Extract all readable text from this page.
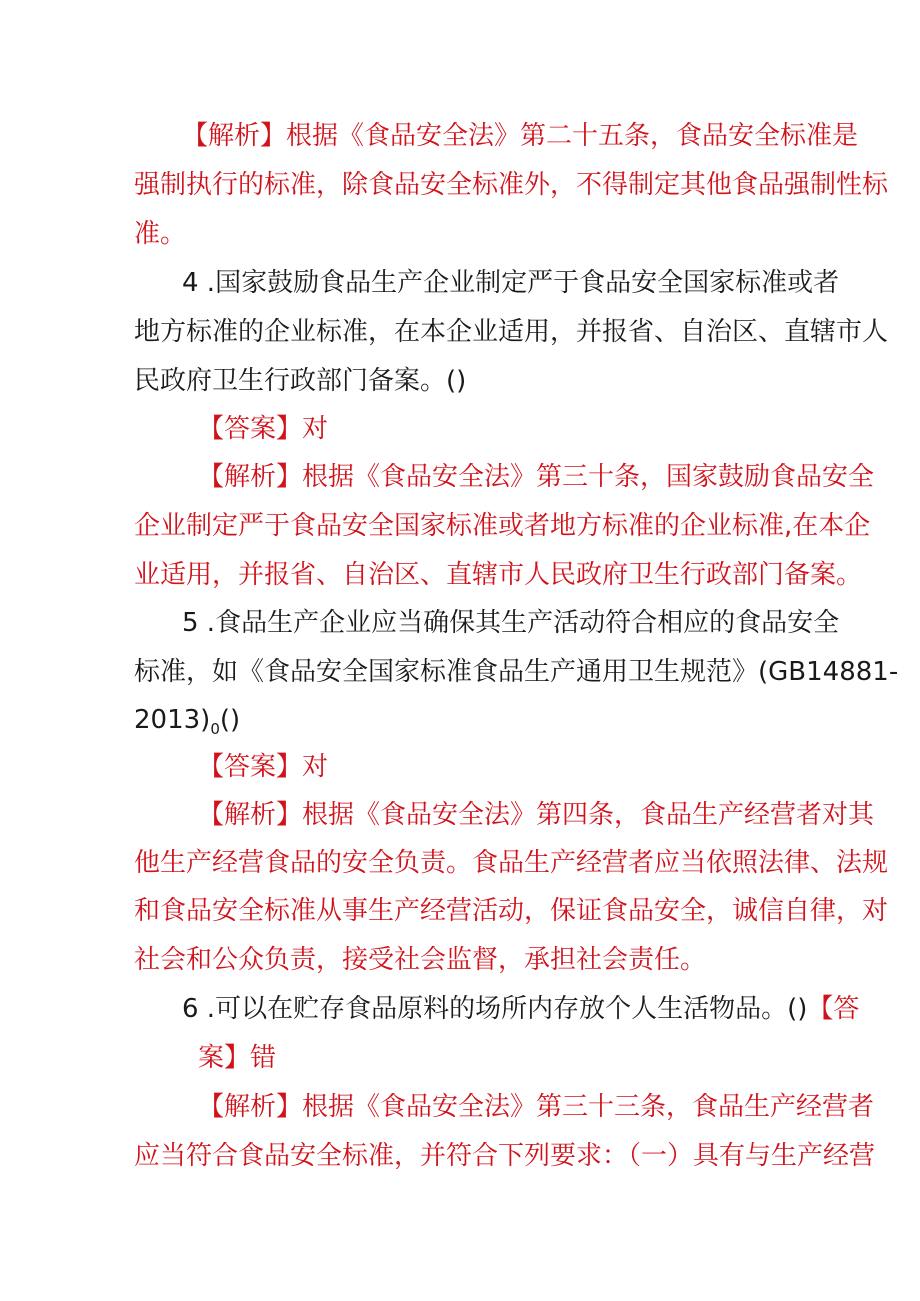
【解析】根据《食品安全法》第二十五条，食品安全标准是
强制执行的标准，除食品安全标准外，不得制定其他食品强制性标
准。
4 .国家鼓励食品生产企业制定严于食品安全国家标准或者
地方标准的企业标准，在本企业适用，并报省、自治区、直辖市人
民政府卫生行政部门备案。()
【答案】对
【解析】根据《食品安全法》第三十条，国家鼓励食品安全
企业制定严于食品安全国家标准或者地方标准的企业标准,在本企
业适用，并报省、自治区、直辖市人民政府卫生行政部门备案。
5 .食品生产企业应当确保其生产活动符合相应的食品安全
标准，如《食品安全国家标准食品生产通用卫生规范》(GB14881-
$2013)_0()$
【答案】对
【解析】根据《食品安全法》第四条，食品生产经营者对其
他生产经营食品的安全负责。食品生产经营者应当依照法律、法规
和食品安全标准从事生产经营活动，保证食品安全，诚信自律，对
社会和公众负责，接受社会监督，承担社会责任。
6 .可以在贮存食品原料的场所内存放个人生活物品。()【答
案】错
【解析】根据《食品安全法》第三十三条，食品生产经营者
应当符合食品安全标准，并符合下列要求：（一）具有与生产经营
